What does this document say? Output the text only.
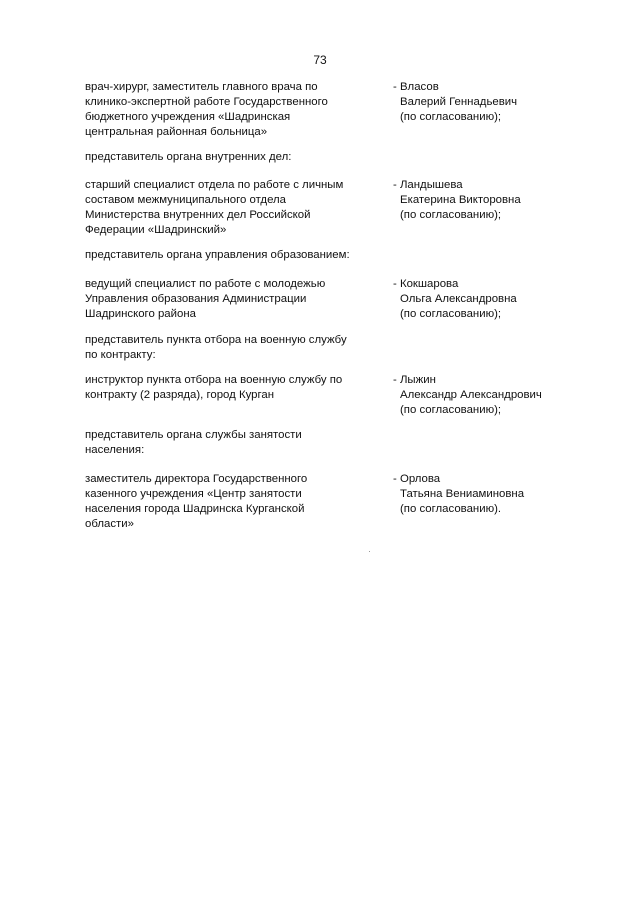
73
врач-хирург, заместитель главного врача по
клинико-экспертной работе Государственного
бюджетного учреждения «Шадринская
центральная районная больница»
- Власов
Валерий Геннадьевич
(по согласованию);
представитель органа внутренних дел:
старший специалист отдела по работе с личным
составом межмуниципального отдела
Министерства внутренних дел Российской
Федерации «Шадринский»
- Ландышева
Екатерина Викторовна
(по согласованию);
представитель органа управления образованием:
ведущий специалист по работе с молодежью
Управления образования Администрации
Шадринского района
- Кокшарова
Ольга Александровна
(по согласованию);
представитель пункта отбора на военную службу
по контракту:
инструктор пункта отбора на военную службу по
контракту (2 разряда), город Курган
- Лыжин
Александр Александрович
(по согласованию);
представитель органа службы занятости
населения:
заместитель директора Государственного
казенного учреждения «Центр занятости
населения города Шадринска Курганской
области»
- Орлова
Татьяна Вениаминовна
(по согласованию).
